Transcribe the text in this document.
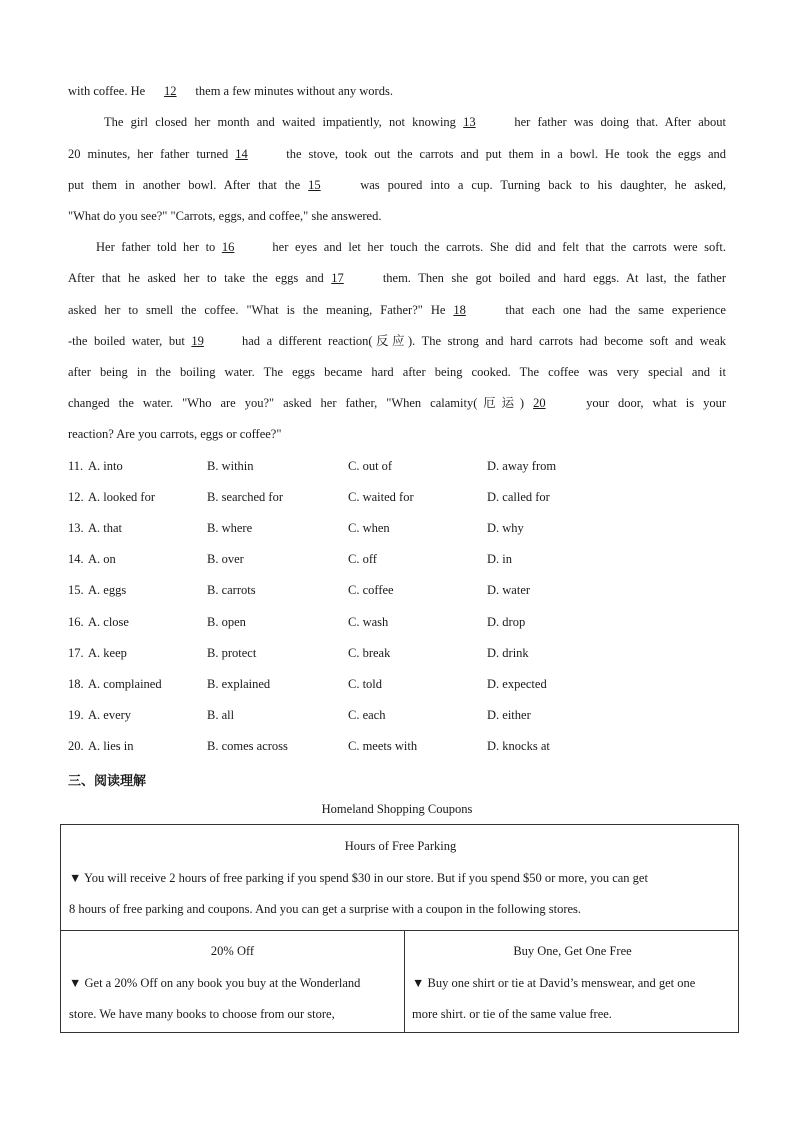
with coffee. He 12 them a few minutes without any words.
The girl closed her month and waited impatiently, not knowing 13	her father was doing that. After about
20 minutes, her father turned 14	the stove, took out the carrots and put them in a bowl. He took the eggs and
put them in another bowl. After that the 15	was poured into a cup. Turning back to his daughter, he asked,
"What do you see?" "Carrots, eggs, and coffee," she answered.
Her father told her to 16	her eyes and let her touch the carrots. She did and felt that the carrots were soft.
After that he asked her to take the eggs and 17	them. Then she got boiled and hard eggs. At last, the father
asked her to smell the coffee. "What is the meaning, Father?" He 18	that each one had the same experience
-the boiled water, but 19	had a different reaction(反应). The strong and hard carrots had become soft and weak
after being in the boiling water. The eggs became hard after being cooked. The coffee was very special and it
changed the water. "Who are you?" asked her father, "When calamity(厄运) 20	your door, what is your
reaction? Are you carrots, eggs or coffee?"
11. A. into	B. within	C. out of	D. away from
12. A. looked for	B. searched for	C. waited for	D. called for
13. A. that	B. where	C. when	D. why
14. A. on	B. over	C. off	D. in
15. A. eggs	B. carrots	C. coffee	D. water
16. A. close	B. open	C. wash	D. drop
17. A. keep	B. protect	C. break	D. drink
18. A. complained	B. explained	C. told	D. expected
19. A. every	B. all	C. each	D. either
20. A. lies in	B. comes across	C. meets with	D. knocks at
三、阅读理解
Homeland Shopping Coupons
Hours of Free Parking
▼ You will receive 2 hours of free parking if you spend $30 in our store. But if you spend $50 or more, you can get
8 hours of free parking and coupons. And you can get a surprise with a coupon in the following stores.
20% Off
▼ Get a 20% Off on any book you buy at the Wonderland
store. We have many books to choose from our store,
Buy One, Get One Free
▼ Buy one shirt or tie at David’s menswear, and get one
more shirt. or tie of the same value free.
